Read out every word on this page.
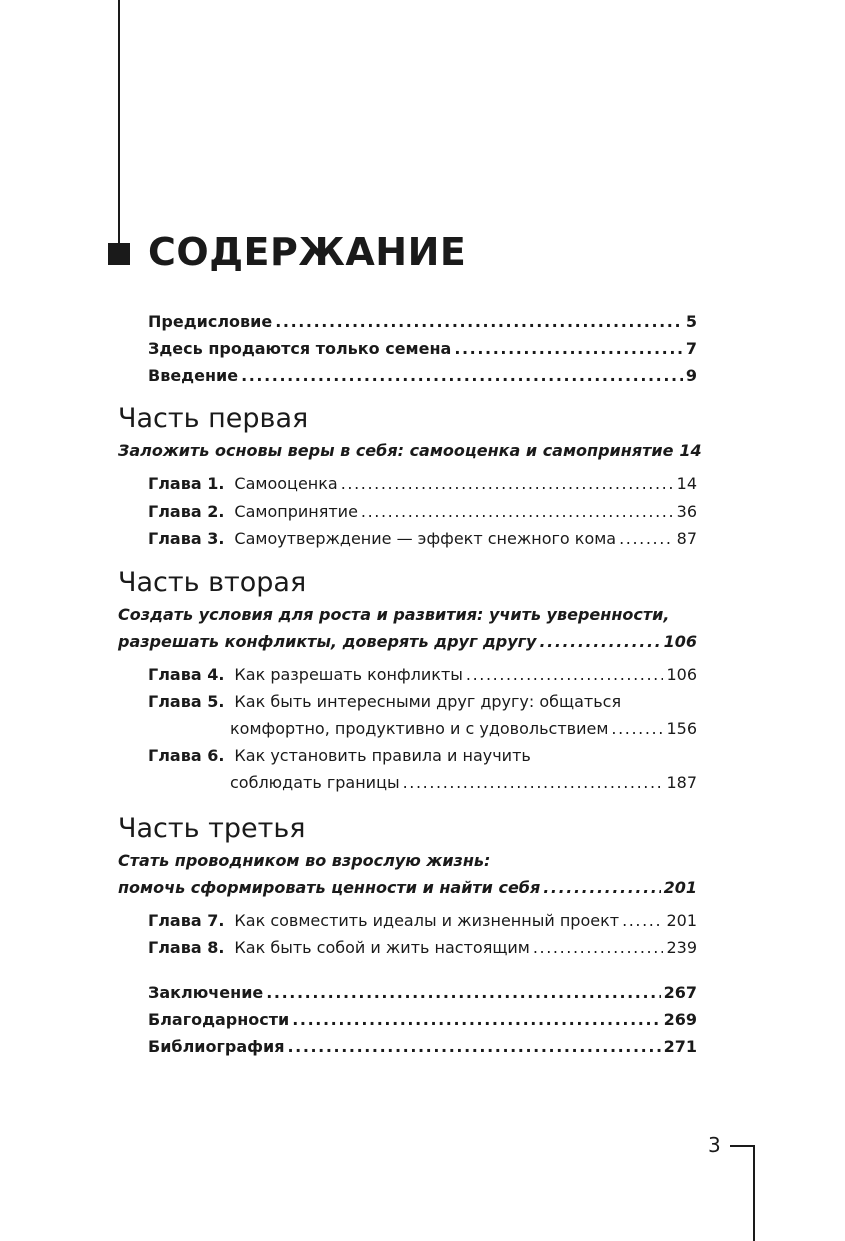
СОДЕРЖАНИЕ
Предисловие .....	5
Здесь продаются только семена .....	7
Введение .....	9
Часть первая
Заложить основы веры в себя: самооценка и самопринятие 14
Глава 1. Самооценка .....	14
Глава 2. Самопринятие .....	36
Глава 3. Самоутверждение — эффект снежного кома .....	87
Часть вторая
Создать условия для роста и развития: учить уверенности,
разрешать конфликты, доверять друг другу .....	106
Глава 4. Как разрешать конфликты .....	106
Глава 5. Как быть интересными друг другу: общаться
комфортно, продуктивно и с удовольствием .....	156
Глава 6. Как установить правила и научить
соблюдать границы .....	187
Часть третья
Стать проводником во взрослую жизнь:
помочь сформировать ценности и найти себя .....	201
Глава 7. Как совместить идеалы и жизненный проект .....	201
Глава 8. Как быть собой и жить настоящим .....	239
Заключение .....	267
Благодарности .....	269
Библиография .....	271
3
